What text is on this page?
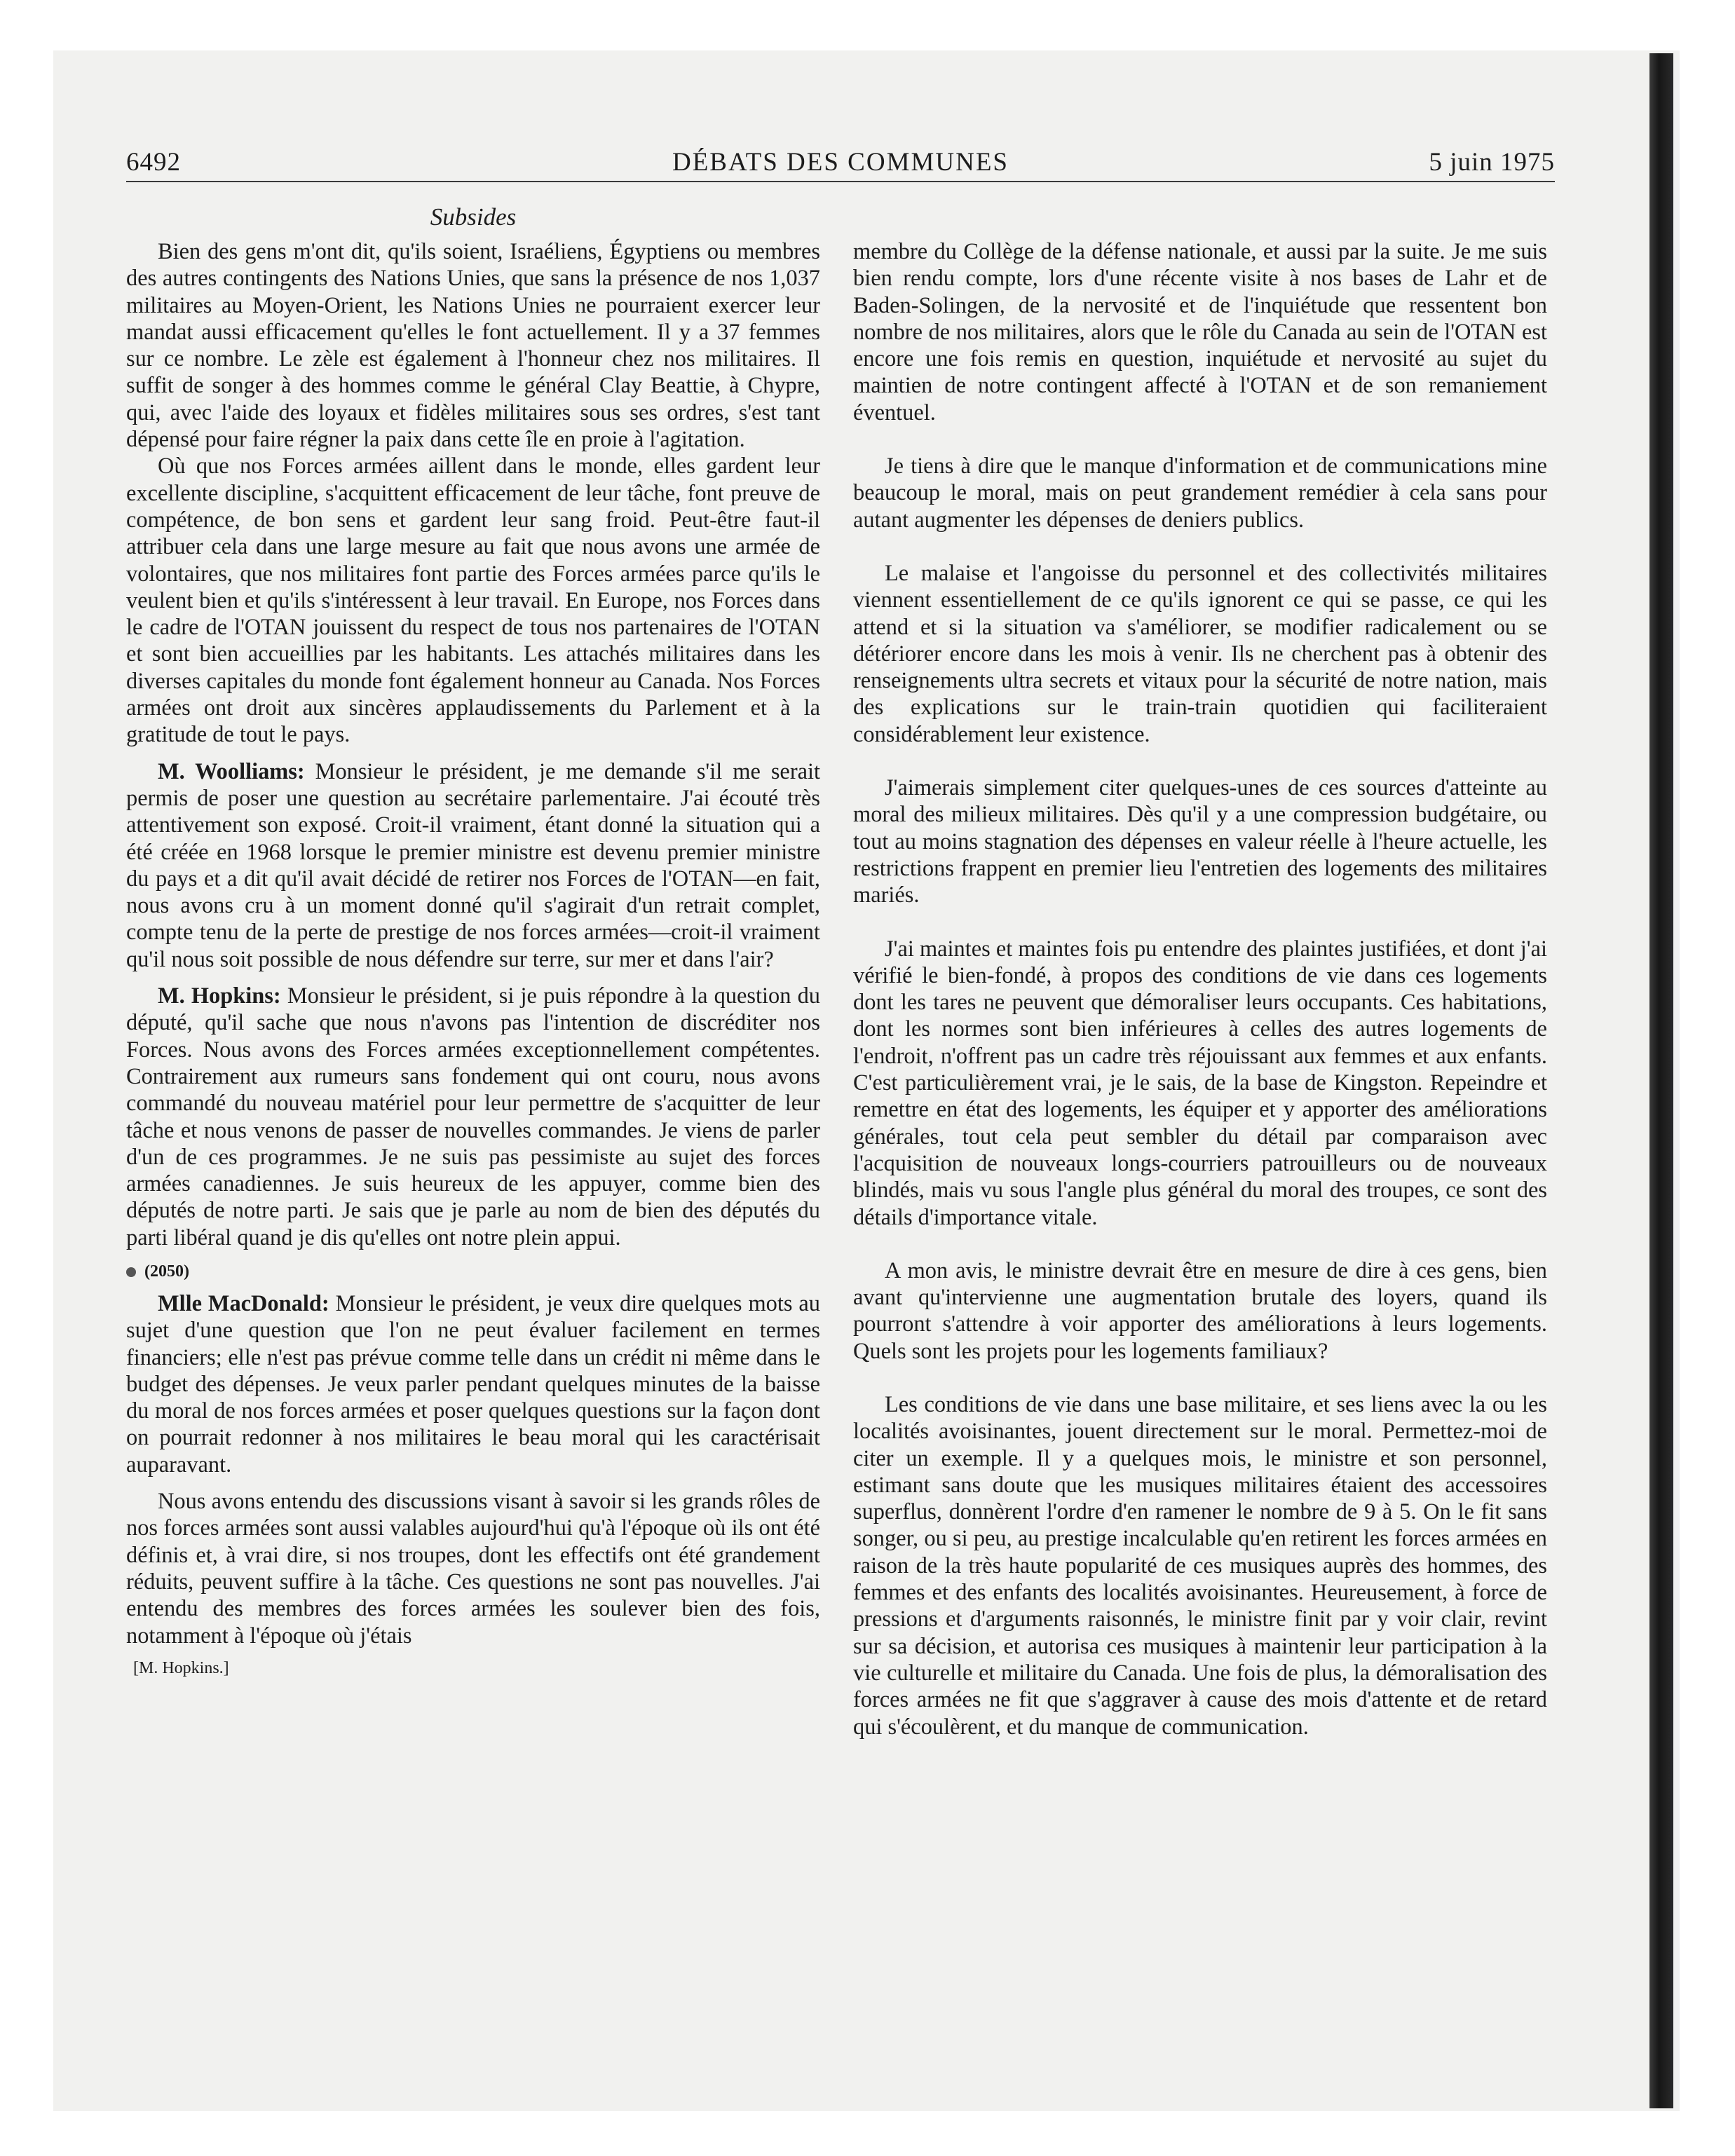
6492	DÉBATS DES COMMUNES	5 juin 1975
Subsides

Bien des gens m'ont dit, qu'ils soient, Israéliens, Égyptiens ou membres des autres contingents des Nations Unies, que sans la présence de nos 1,037 militaires au Moyen-Orient, les Nations Unies ne pourraient exercer leur mandat aussi efficacement qu'elles le font actuellement. Il y a 37 femmes sur ce nombre. Le zèle est également à l'honneur chez nos militaires. Il suffit de songer à des hommes comme le général Clay Beattie, à Chypre, qui, avec l'aide des loyaux et fidèles militaires sous ses ordres, s'est tant dépensé pour faire régner la paix dans cette île en proie à l'agitation.

Où que nos Forces armées aillent dans le monde, elles gardent leur excellente discipline, s'acquittent efficacement de leur tâche, font preuve de compétence, de bon sens et gardent leur sang froid. Peut-être faut-il attribuer cela dans une large mesure au fait que nous avons une armée de volontaires, que nos militaires font partie des Forces armées parce qu'ils le veulent bien et qu'ils s'intéressent à leur travail. En Europe, nos Forces dans le cadre de l'OTAN jouissent du respect de tous nos partenaires de l'OTAN et sont bien accueillies par les habitants. Les attachés militaires dans les diverses capitales du monde font également honneur au Canada. Nos Forces armées ont droit aux sincères applaudissements du Parlement et à la gratitude de tout le pays.

M. Woolliams: Monsieur le président, je me demande s'il me serait permis de poser une question au secrétaire parlementaire. J'ai écouté très attentivement son exposé. Croit-il vraiment, étant donné la situation qui a été créée en 1968 lorsque le premier ministre est devenu premier ministre du pays et a dit qu'il avait décidé de retirer nos Forces de l'OTAN—en fait, nous avons cru à un moment donné qu'il s'agirait d'un retrait complet, compte tenu de la perte de prestige de nos forces armées—croit-il vraiment qu'il nous soit possible de nous défendre sur terre, sur mer et dans l'air?

M. Hopkins: Monsieur le président, si je puis répondre à la question du député, qu'il sache que nous n'avons pas l'intention de discréditer nos Forces. Nous avons des Forces armées exceptionnellement compétentes. Contrairement aux rumeurs sans fondement qui ont couru, nous avons commandé du nouveau matériel pour leur permettre de s'acquitter de leur tâche et nous venons de passer de nouvelles commandes. Je viens de parler d'un de ces programmes. Je ne suis pas pessimiste au sujet des forces armées canadiennes. Je suis heureux de les appuyer, comme bien des députés de notre parti. Je sais que je parle au nom de bien des députés du parti libéral quand je dis qu'elles ont notre plein appui.

(2050)

Mlle MacDonald: Monsieur le président, je veux dire quelques mots au sujet d'une question que l'on ne peut évaluer facilement en termes financiers; elle n'est pas prévue comme telle dans un crédit ni même dans le budget des dépenses. Je veux parler pendant quelques minutes de la baisse du moral de nos forces armées et poser quelques questions sur la façon dont on pourrait redonner à nos militaires le beau moral qui les caractérisait auparavant.

Nous avons entendu des discussions visant à savoir si les grands rôles de nos forces armées sont aussi valables aujourd'hui qu'à l'époque où ils ont été définis et, à vrai dire, si nos troupes, dont les effectifs ont été grandement réduits, peuvent suffire à la tâche. Ces questions ne sont pas nouvelles. J'ai entendu des membres des forces armées les soulever bien des fois, notamment à l'époque où j'étais

[M. Hopkins.]

membre du Collège de la défense nationale, et aussi par la suite. Je me suis bien rendu compte, lors d'une récente visite à nos bases de Lahr et de Baden-Solingen, de la nervosité et de l'inquiétude que ressentent bon nombre de nos militaires, alors que le rôle du Canada au sein de l'OTAN est encore une fois remis en question, inquiétude et nervosité au sujet du maintien de notre contingent affecté à l'OTAN et de son remaniement éventuel.

Je tiens à dire que le manque d'information et de communications mine beaucoup le moral, mais on peut grandement remédier à cela sans pour autant augmenter les dépenses de deniers publics.

Le malaise et l'angoisse du personnel et des collectivités militaires viennent essentiellement de ce qu'ils ignorent ce qui se passe, ce qui les attend et si la situation va s'améliorer, se modifier radicalement ou se détériorer encore dans les mois à venir. Ils ne cherchent pas à obtenir des renseignements ultra secrets et vitaux pour la sécurité de notre nation, mais des explications sur le train-train quotidien qui faciliteraient considérablement leur existence.

J'aimerais simplement citer quelques-unes de ces sources d'atteinte au moral des milieux militaires. Dès qu'il y a une compression budgétaire, ou tout au moins stagnation des dépenses en valeur réelle à l'heure actuelle, les restrictions frappent en premier lieu l'entretien des logements des militaires mariés.

J'ai maintes et maintes fois pu entendre des plaintes justifiées, et dont j'ai vérifié le bien-fondé, à propos des conditions de vie dans ces logements dont les tares ne peuvent que démoraliser leurs occupants. Ces habitations, dont les normes sont bien inférieures à celles des autres logements de l'endroit, n'offrent pas un cadre très réjouissant aux femmes et aux enfants. C'est particulièrement vrai, je le sais, de la base de Kingston. Repeindre et remettre en état des logements, les équiper et y apporter des améliorations générales, tout cela peut sembler du détail par comparaison avec l'acquisition de nouveaux longs-courriers patrouilleurs ou de nouveaux blindés, mais vu sous l'angle plus général du moral des troupes, ce sont des détails d'importance vitale.

A mon avis, le ministre devrait être en mesure de dire à ces gens, bien avant qu'intervienne une augmentation brutale des loyers, quand ils pourront s'attendre à voir apporter des améliorations à leurs logements. Quels sont les projets pour les logements familiaux?

Les conditions de vie dans une base militaire, et ses liens avec la ou les localités avoisinantes, jouent directement sur le moral. Permettez-moi de citer un exemple. Il y a quelques mois, le ministre et son personnel, estimant sans doute que les musiques militaires étaient des accessoires superflus, donnèrent l'ordre d'en ramener le nombre de 9 à 5. On le fit sans songer, ou si peu, au prestige incalculable qu'en retirent les forces armées en raison de la très haute popularité de ces musiques auprès des hommes, des femmes et des enfants des localités avoisinantes. Heureusement, à force de pressions et d'arguments raisonnés, le ministre finit par y voir clair, revint sur sa décision, et autorisa ces musiques à maintenir leur participation à la vie culturelle et militaire du Canada. Une fois de plus, la démoralisation des forces armées ne fit que s'aggraver à cause des mois d'attente et de retard qui s'écoulèrent, et du manque de communication.
